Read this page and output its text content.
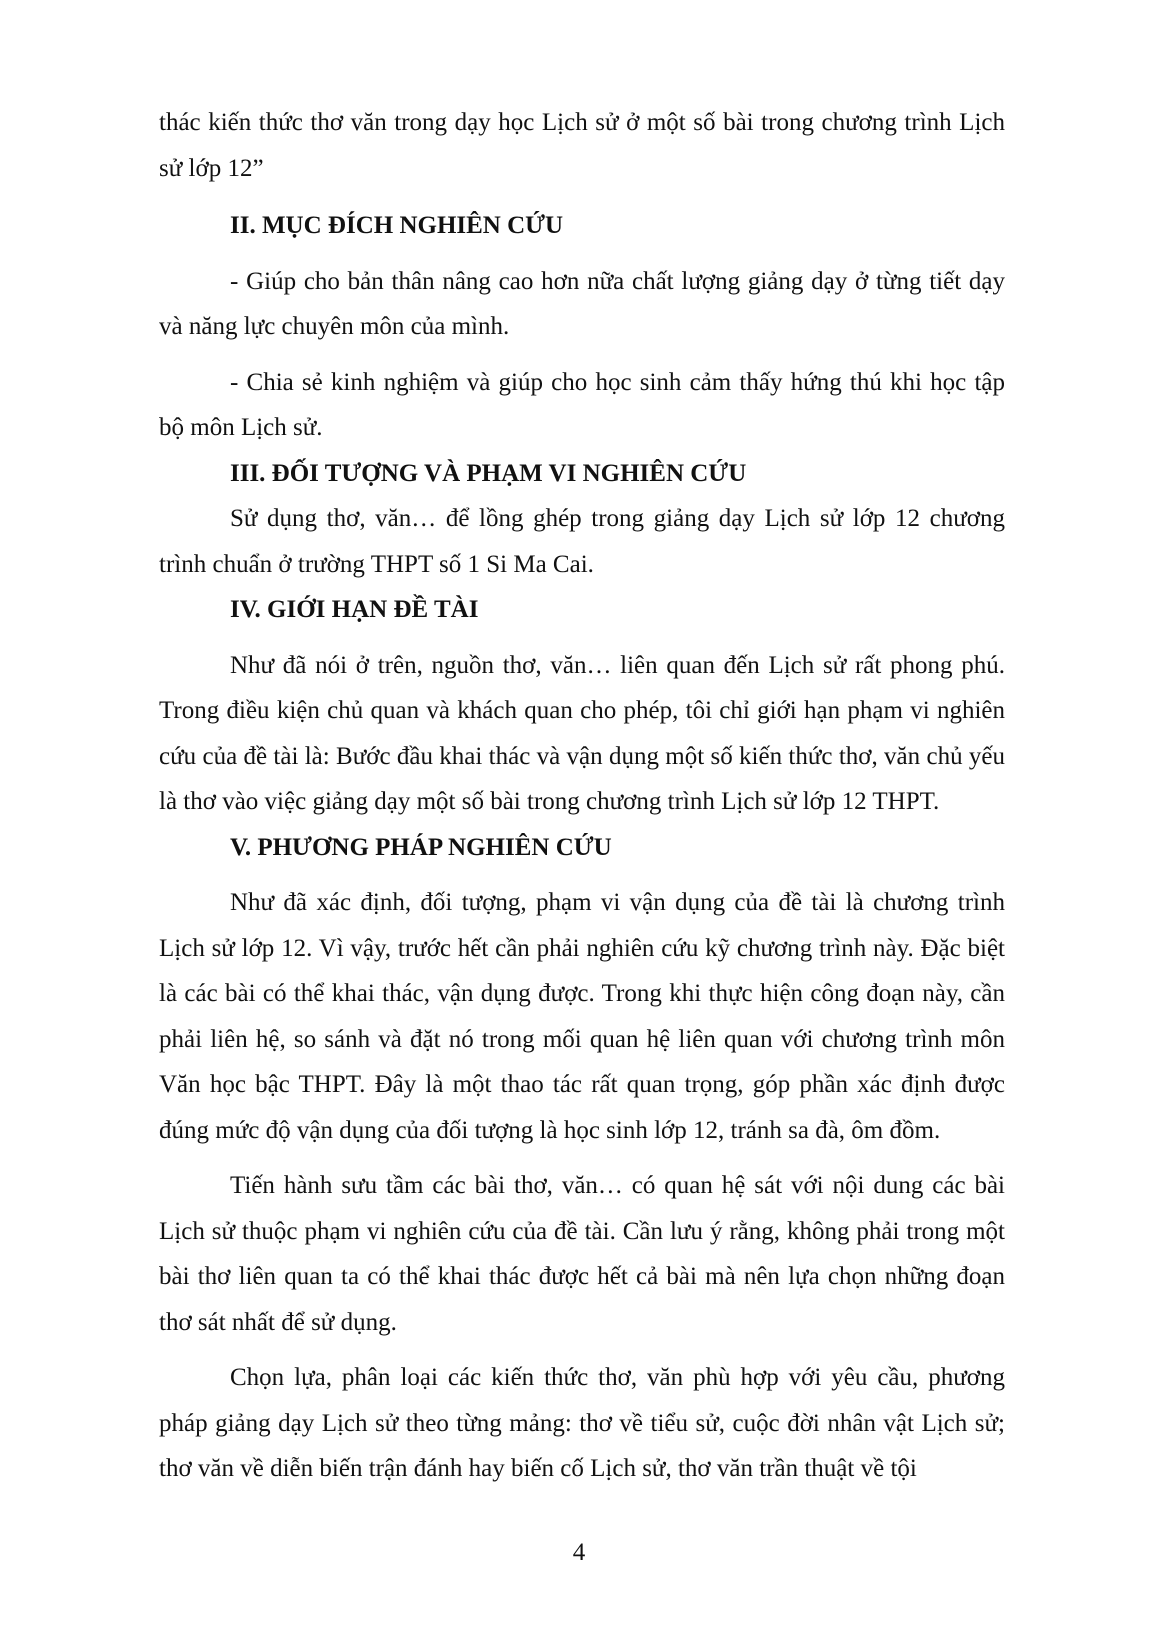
thác kiến thức thơ văn trong dạy học Lịch sử ở một số bài trong chương trình Lịch sử lớp 12”

II. MỤC ĐÍCH NGHIÊN CỨU

- Giúp cho bản thân nâng cao hơn nữa chất lượng giảng dạy ở từng tiết dạy và năng lực chuyên môn của mình.

- Chia sẻ kinh nghiệm và giúp cho học sinh cảm thấy hứng thú khi học tập bộ môn Lịch sử.

III. ĐỐI TƯỢNG VÀ PHẠM VI NGHIÊN CỨU

Sử dụng thơ, văn… để lồng ghép trong giảng dạy Lịch sử lớp 12 chương trình chuẩn ở trường THPT số 1 Si Ma Cai.

IV. GIỚI HẠN ĐỀ TÀI

Như đã nói ở trên, nguồn thơ, văn… liên quan đến Lịch sử rất phong phú. Trong điều kiện chủ quan và khách quan cho phép, tôi chỉ giới hạn phạm vi nghiên cứu của đề tài là: Bước đầu khai thác và vận dụng một số kiến thức thơ, văn chủ yếu là thơ vào việc giảng dạy một số bài trong chương trình Lịch sử lớp 12 THPT.

V. PHƯƠNG PHÁP NGHIÊN CỨU

Như đã xác định, đối tượng, phạm vi vận dụng của đề tài là chương trình Lịch sử lớp 12. Vì vậy, trước hết cần phải nghiên cứu kỹ chương trình này. Đặc biệt là các bài có thể khai thác, vận dụng được. Trong khi thực hiện công đoạn này, cần phải liên hệ, so sánh và đặt nó trong mối quan hệ liên quan với chương trình môn Văn học bậc THPT. Đây là một thao tác rất quan trọng, góp phần xác định được đúng mức độ vận dụng của đối tượng là học sinh lớp 12, tránh sa đà, ôm đồm.

Tiến hành sưu tầm các bài thơ, văn… có quan hệ sát với nội dung các bài Lịch sử thuộc phạm vi nghiên cứu của đề tài. Cần lưu ý rằng, không phải trong một bài thơ liên quan ta có thể khai thác được hết cả bài mà nên lựa chọn những đoạn thơ sát nhất để sử dụng.

Chọn lựa, phân loại các kiến thức thơ, văn phù hợp với yêu cầu, phương pháp giảng dạy Lịch sử theo từng mảng: thơ về tiểu sử, cuộc đời nhân vật Lịch sử; thơ văn về diễn biến trận đánh hay biến cố Lịch sử, thơ văn trần thuật về tội

4
